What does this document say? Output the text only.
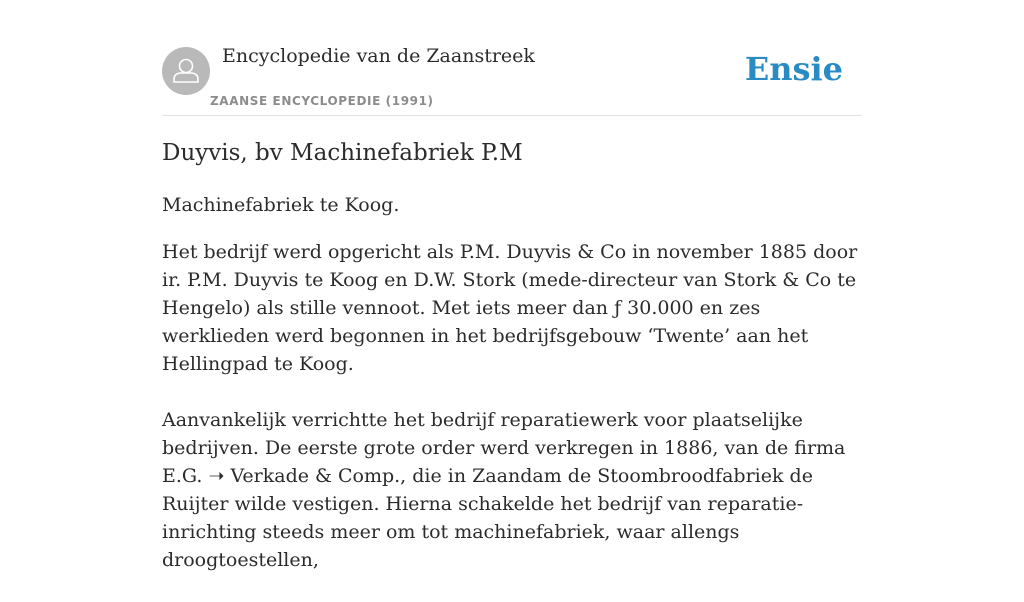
Encyclopedie van de Zaanstreek
ZAANSE ENCYCLOPEDIE (1991)
Ensie
Duyvis, bv Machinefabriek P.M
Machinefabriek te Koog.

Het bedrijf werd opgericht als P.M. Duyvis & Co in november 1885 door ir. P.M. Duyvis te Koog en D.W. Stork (mede-directeur van Stork & Co te Hengelo) als stille vennoot. Met iets meer dan ƒ 30.000 en zes werklieden werd begonnen in het bedrijfsgebouw ‘Twente’ aan het Hellingpad te Koog.

Aanvankelijk verrichtte het bedrijf reparatiewerk voor plaatselijke bedrijven. De eerste grote order werd verkregen in 1886, van de firma E.G. ➝ Verkade & Comp., die in Zaandam de Stoombroodfabriek de Ruijter wilde vestigen. Hierna schakelde het bedrijf van reparatie-inrichting steeds meer om tot machinefabriek, waar allengs droogtoestellen,
